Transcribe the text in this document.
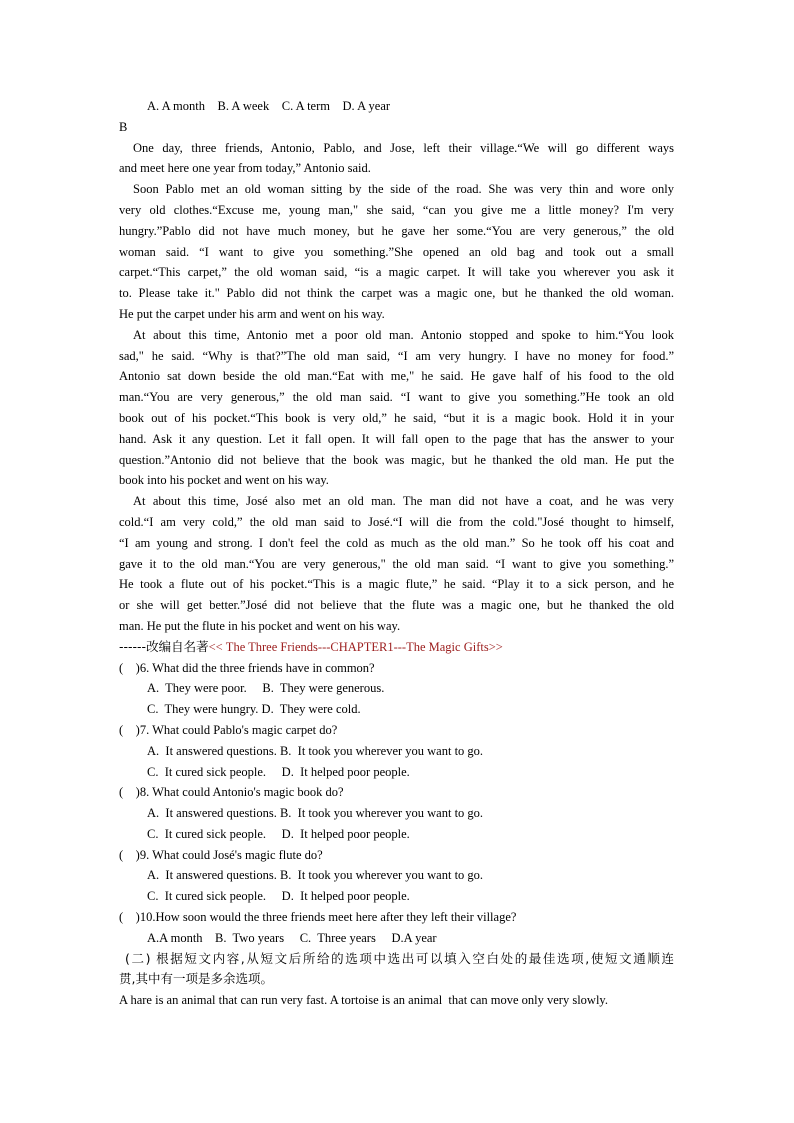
A. A month    B. A week    C. A term    D. A year
B
One day, three friends, Antonio, Pablo, and Jose, left their village.“We will go different ways
and meet here one year from today,” Antonio said.
Soon Pablo met an old woman sitting by the side of the road. She was very thin and wore only
very old clothes.“Excuse me, young man," she said, “can you give me a little money? I'm very
hungry.”Pablo did not have much money, but he gave her some.“You are very generous,” the old
woman said. “I want to give you something.”She opened an old bag and took out a small
carpet.“This carpet,” the old woman said, “is a magic carpet. It will take you wherever you ask it
to. Please take it." Pablo did not think the carpet was a magic one, but he thanked the old woman.
He put the carpet under his arm and went on his way.
At about this time, Antonio met a poor old man. Antonio stopped and spoke to him.“You look
sad," he said. “Why is that?”The old man said, “I am very hungry. I have no money for food.”
Antonio sat down beside the old man.“Eat with me," he said. He gave half of his food to the old
man.“You are very generous,” the old man said. “I want to give you something.”He took an old
book out of his pocket.“This book is very old,” he said, “but it is a magic book. Hold it in your
hand. Ask it any question. Let it fall open. It will fall open to the page that has the answer to your
question.”Antonio did not believe that the book was magic, but he thanked the old man. He put the
book into his pocket and went on his way.
At about this time, José also met an old man. The man did not have a coat, and he was very
cold.“I am very cold,” the old man said to José.“I will die from the cold."José thought to himself,
“I am young and strong. I don't feel the cold as much as the old man.” So he took off his coat and
gave it to the old man.“You are very generous," the old man said. “I want to give you something.”
He took a flute out of his pocket.“This is a magic flute,” he said. “Play it to a sick person, and he
or she will get better.”José did not believe that the flute was a magic one, but he thanked the old
man. He put the flute in his pocket and went on his way.
------改编自名著<< The Three Friends---CHAPTER1---The Magic Gifts>>
(    )6. What did the three friends have in common?
A.  They were poor.     B.  They were generous.
C.  They were hungry. D.  They were cold.
(    )7. What could Pablo's magic carpet do?
A.  It answered questions. B.  It took you wherever you want to go.
C.  It cured sick people.     D.  It helped poor people.
(    )8. What could Antonio's magic book do?
A.  It answered questions. B.  It took you wherever you want to go.
C.  It cured sick people.     D.  It helped poor people.
(    )9. What could José's magic flute do?
A.  It answered questions. B.  It took you wherever you want to go.
C.  It cured sick people.     D.  It helped poor people.
(    )10.How soon would the three friends meet here after they left their village?
A.A month    B.  Two years     C.  Three years     D.A year
(二) 根据短文内容,从短文后所给的选项中选出可以填入空白处的最佳选项,使短文通顺连
贯,其中有一项是多余选项。
A hare is an animal that can run very fast. A tortoise is an animal  that can move only very slowly.
